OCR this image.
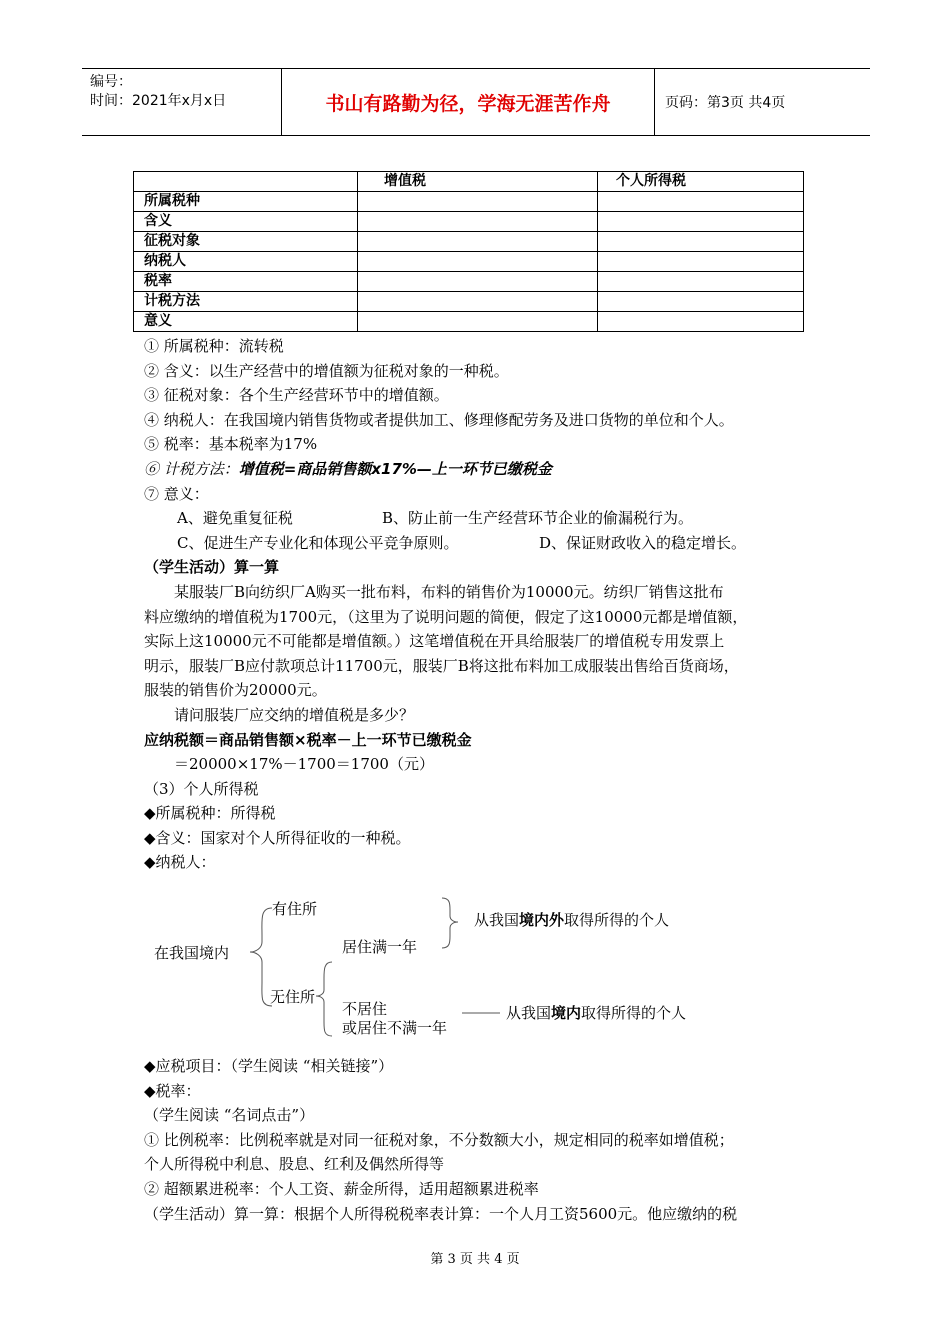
编号：
时间：2021年x月x日	书山有路勤为径，学海无涯苦作舟	页码：第3页 共4页
	增值税	个人所得税
所属税种		
含义		
征税对象		
纳税人		
税率		
计税方法		
意义		

① 所属税种：流转税

② 含义：以生产经营中的增值额为征税对象的一种税。

③ 征税对象：各个生产经营环节中的增值额。

④ 纳税人：在我国境内销售货物或者提供加工、修理修配劳务及进口货物的单位和个人。

⑤ 税率：基本税率为17%

⑥ 计税方法：增值税=商品销售额x17%—上一环节已缴税金

⑦ 意义：

A、避免重复征税	B、防止前一生产经营环节企业的偷漏税行为。

C、促进生产专业化和体现公平竞争原则。	D、保证财政收入的稳定增长。

（学生活动）算一算

某服装厂B向纺织厂A购买一批布料，布料的销售价为10000元。纺织厂销售这批布

料应缴纳的增值税为1700元，（这里为了说明问题的简便，假定了这10000元都是增值额，

实际上这10000元不可能都是增值额。）这笔增值税在开具给服装厂的增值税专用发票上

明示，服装厂B应付款项总计11700元，服装厂B将这批布料加工成服装出售给百货商场，

服装的销售价为20000元。

请问服装厂应交纳的增值税是多少？

应纳税额＝商品销售额×税率－上一环节已缴税金

＝20000×17%－1700＝1700（元）

（3）个人所得税

◆所属税种：所得税

◆含义：国家对个人所得征收的一种税。

◆纳税人：

有住所
在我国境内	居住满一年
无住所
不居住
或居住不满一年
从我国境内外取得所得的个人
从我国境内取得所得的个人

◆应税项目：（学生阅读 “相关链接”）

◆税率：

（学生阅读 “名词点击”）

① 比例税率：比例税率就是对同一征税对象，不分数额大小，规定相同的税率如增值税；

个人所得税中利息、股息、红利及偶然所得等

② 超额累进税率：个人工资、薪金所得，适用超额累进税率

（学生活动）算一算：根据个人所得税税率表计算：一个人月工资5600元。他应缴纳的税

第 3 页 共 4 页
